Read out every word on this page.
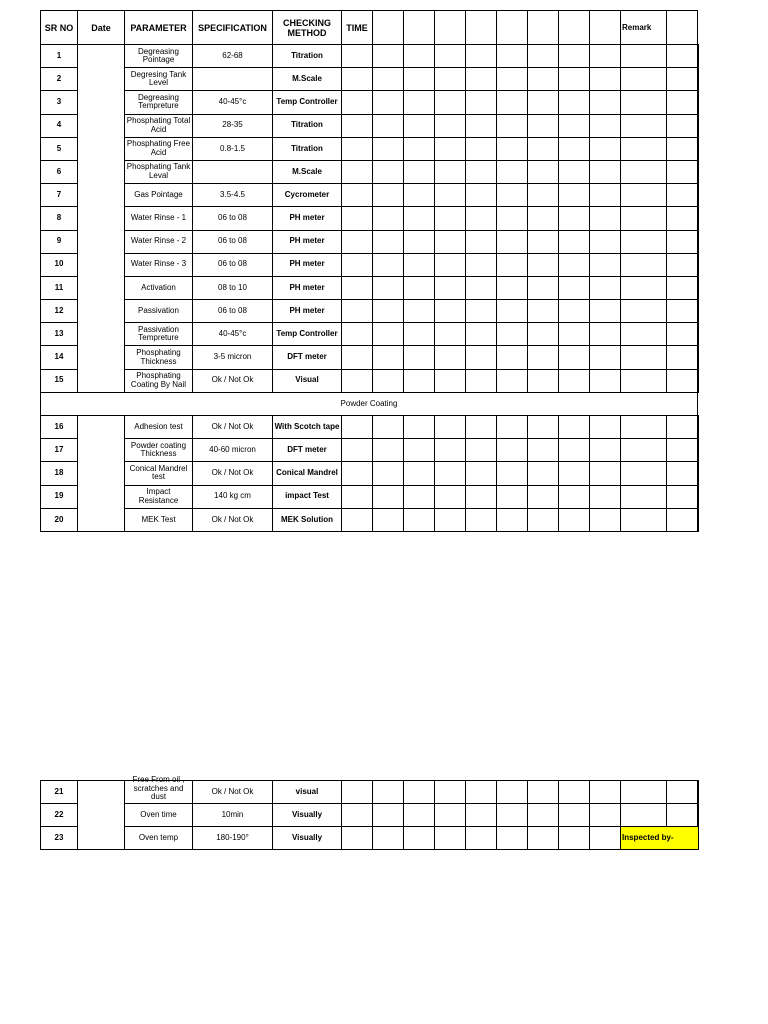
SR NO	Date	PARAMETER	SPECIFICATION	CHECKING METHOD	TIME									Remark		
1		Degreasing Pointage	62-68	Titration												
2		Degresing Tank Level		M.Scale												
3		Degreasing Tempreture	40-45°c	Temp Controller												
4		Phosphating Total Acid	28-35	Titration												
5		Phosphating Free Acid	0.8-1.5	Titration												
6		Phosphating Tank Leval		M.Scale												
7		Gas Pointage	3.5-4.5	Cycrometer												
8		Water Rinse - 1	06 to 08	PH meter												
9		Water Rinse - 2	06 to 08	PH meter												
10		Water Rinse - 3	06 to 08	PH meter												
11		Activation	08 to 10	PH meter												
12		Passivation	06 to 08	PH meter												
13		Passivation Tempreture	40-45°c	Temp Controller												
14		Phosphating Thickness	3-5 micron	DFT meter												
15		Phosphating Coating By Nail	Ok / Not Ok	Visual												
Powder Coating																
16		Adhesion test	Ok / Not Ok	With Scotch tape												
17		Powder coating Thickness	40-60 micron	DFT meter												
18		Conical Mandrel test	Ok / Not Ok	Conical Mandrel												
19		Impact Resistance	140 kg cm	impact Test												
20		MEK Test	Ok / Not Ok	MEK Solution												
21		Free From oil , scratches and dust	Ok / Not Ok	visual												
22		Oven time	10min	Visually												
23		Oven temp	180-190°	Visually										Inspected by-		
